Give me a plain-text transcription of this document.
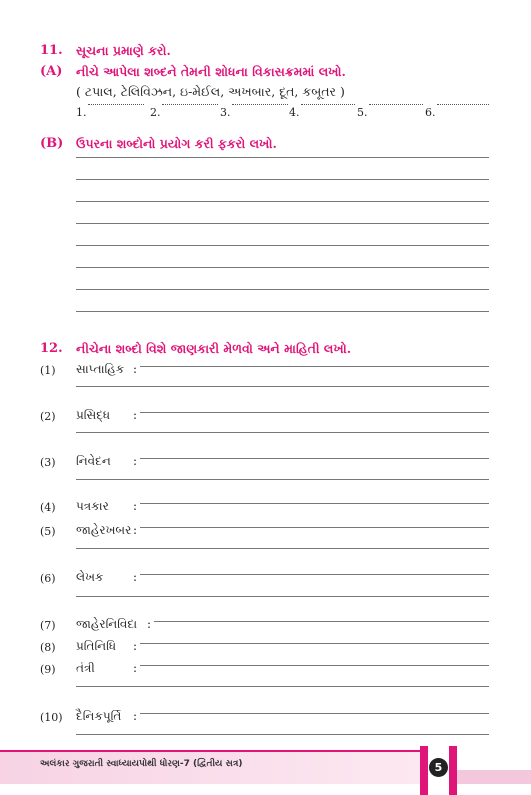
11. સૂચના પ્રમાણે કરો.
(A) નીચે આપેલા શબ્દને તેમની શોધના વિકાસક્રમમાં લખો.
( ટપાલ, ટેલિવિઝન, ઇ-મેઈલ, અખબાર, દૂત, કબૂતર )
1.	2.	3.	4.	5.	6.
(B) ઉપરના શબ્દોનો પ્રયોગ કરી ફકરો લખો.
12. નીચેના શબ્દો વિશે જાણકારી મેળવો અને માહિતી લખો.
(1) સાપ્તાહિક :
(2) પ્રસિદ્ધ :
(3) નિવેદન :
(4) પત્રકાર :
(5) જાહેરખબર :
(6) લેખક :
(7) જાહેરનિવિદા :
(8) પ્રતિનિધિ :
(9) તંત્રી	:
(10) દૈનિકપૂર્તિ :
અલંકાર ગુજરાતી સ્વાધ્યાયપોથી ધોરણ-7 (દ્વિતીય સત્ર)	5
